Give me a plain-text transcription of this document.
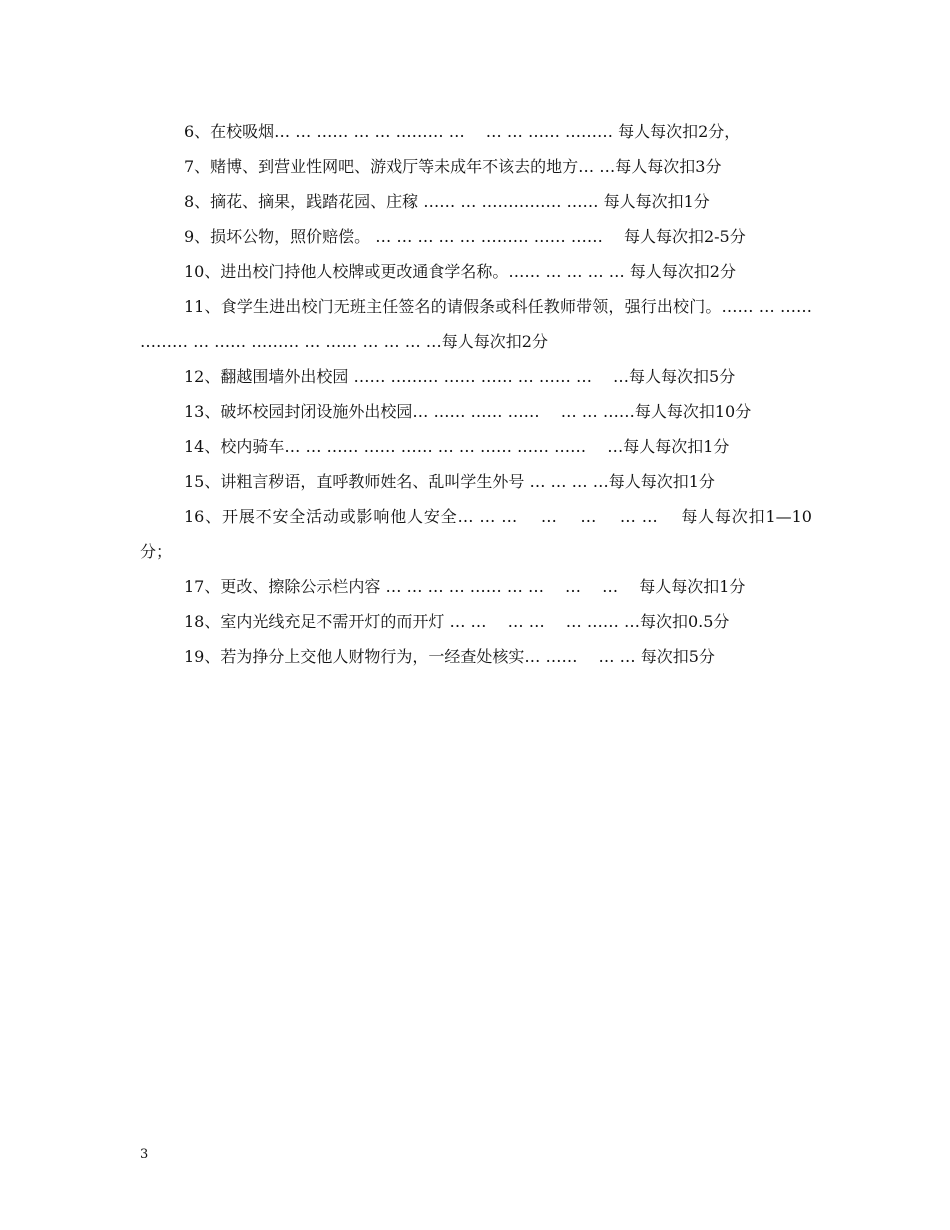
6、在校吸烟… … …… … … ……… …　 … … …… ……… 每人每次扣2分，

7、赌博、到营业性网吧、游戏厅等未成年不该去的地方… …每人每次扣3分

8、摘花、摘果，践踏花园、庄稼 …… … …………… …… 每人每次扣1分

9、损坏公物，照价赔偿。 … … … … … ……… …… ……　 每人每次扣2-5分

10、进出校门持他人校牌或更改通食学名称。…… … … … … 每人每次扣2分

11、食学生进出校门无班主任签名的请假条或科任教师带领，强行出校门。…… … …… ……… … …… ……… … …… … … … …每人每次扣2分

12、翻越围墙外出校园 …… ……… …… …… … …… …　 …每人每次扣5分

13、破坏校园封闭设施外出校园… …… …… ……　 … … ……每人每次扣10分

14、校内骑车… … …… …… …… … … …… …… ……　 …每人每次扣1分

15、讲粗言秽语，直呼教师姓名、乱叫学生外号 … … … …每人每次扣1分

16、开展不安全活动或影响他人安全… … …　 …　 …　 … …　 每人每次扣1—10分；

17、更改、擦除公示栏内容 … … … … …… … …　 …　 …　 每人每次扣1分

18、室内光线充足不需开灯的而开灯 … …　 … …　 … …… …每次扣0.5分

19、若为挣分上交他人财物行为，一经查处核实… ……　 … … 每次扣5分

3
